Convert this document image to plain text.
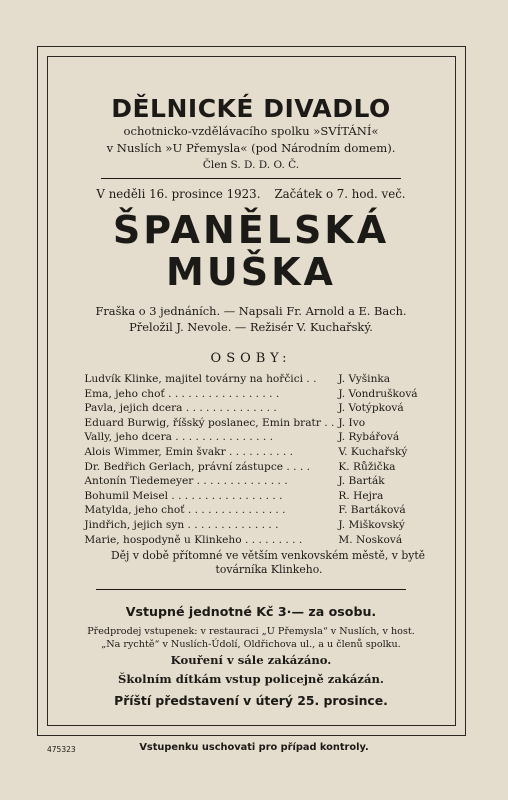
DĚLNICKÉ DIVADLO
ochotnicko-vzdělávacího spolku »SVÍTÁNÍ«
v Nuslích »U Přemysla« (pod Národním domem).
Člen S. D. D. O. Č.
V neděli 16. prosince 1923. Začátek o 7. hod. več.
ŠPANĚLSKÁ
MUŠKA
Fraška o 3 jednáních. — Napsali Fr. Arnold a E. Bach.
Přeložil J. Nevole. — Režisér V. Kuchařský.
OSOBY:
Ludvík Klinke, majitel továrny na hořčici . .	J. Vyšinka
Ema, jeho choť . . . . . . . . . . . . . . . . .	J. Vondrušková
Pavla, jejich dcera . . . . . . . . . . . . . .	J. Votýpková
Eduard Burwig, říšský poslanec, Emin bratr . .	J. Ivo
Vally, jeho dcera . . . . . . . . . . . . . . .	J. Rybářová
Alois Wimmer, Emin švakr . . . . . . . . . .	V. Kuchařský
Dr. Bedřich Gerlach, právní zástupce . . . .	K. Růžička
Antonín Tiedemeyer . . . . . . . . . . . . . .	J. Barták
Bohumil Meisel . . . . . . . . . . . . . . . . .	R. Hejra
Matylda, jeho choť . . . . . . . . . . . . . . .	F. Bartáková
Jindřich, jejich syn . . . . . . . . . . . . . .	J. Miškovský
Marie, hospodyně u Klinkeho . . . . . . . . .	M. Nosková
Děj v době přítomné ve větším venkovském městě, v bytě
továrníka Klinkeho.
Vstupné jednotné Kč 3·— za osobu.
Předprodej vstupenek: v restauraci „U Přemysla“ v Nuslích, v host.
„Na rychtě“ v Nuslích-Údolí, Oldřichova ul., a u členů spolku.
Kouření v sále zakázáno.
Školním dítkám vstup policejně zakázán.
Příští představení v úterý 25. prosince.
475323	Vstupenku uschovati pro případ kontroly.
